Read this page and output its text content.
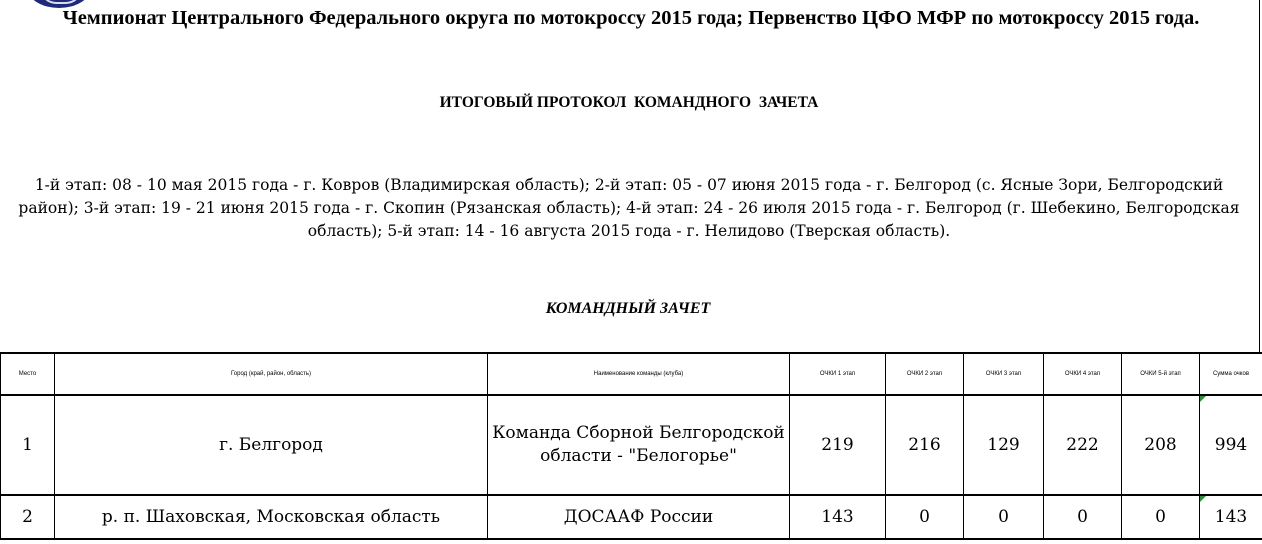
Чемпионат Центрального Федерального округа по мотокроссу 2015 года; Первенство ЦФО МФР по мотокроссу 2015 года.
ИТОГОВЫЙ ПРОТОКОЛ  КОМАНДНОГО  ЗАЧЕТА
1-й этап: 08 - 10 мая 2015 года - г. Ковров (Владимирская область); 2-й этап: 05 - 07 июня 2015 года - г. Белгород (с. Ясные Зори, Белгородский район); 3-й этап: 19 - 21 июня 2015 года - г. Скопин (Рязанская область); 4-й этап: 24 - 26 июля 2015 года - г. Белгород (г. Шебекино, Белгородская область); 5-й этап: 14 - 16 августа 2015 года - г. Нелидово (Тверская область).
КОМАНДНЫЙ ЗАЧЕТ
Место	Город (край, район, область)	Наименование команды (клуба)	ОЧКИ 1 этап	ОЧКИ 2 этап	ОЧКИ 3 этап	ОЧКИ 4 этап	ОЧКИ 5-й этап	Сумма очков
1	г. Белгород	Команда Сборной Белгородской области - "Белогорье"	219	216	129	222	208	994
2	р. п. Шаховская, Московская область	ДОСААФ России	143	0	0	0	0	143
